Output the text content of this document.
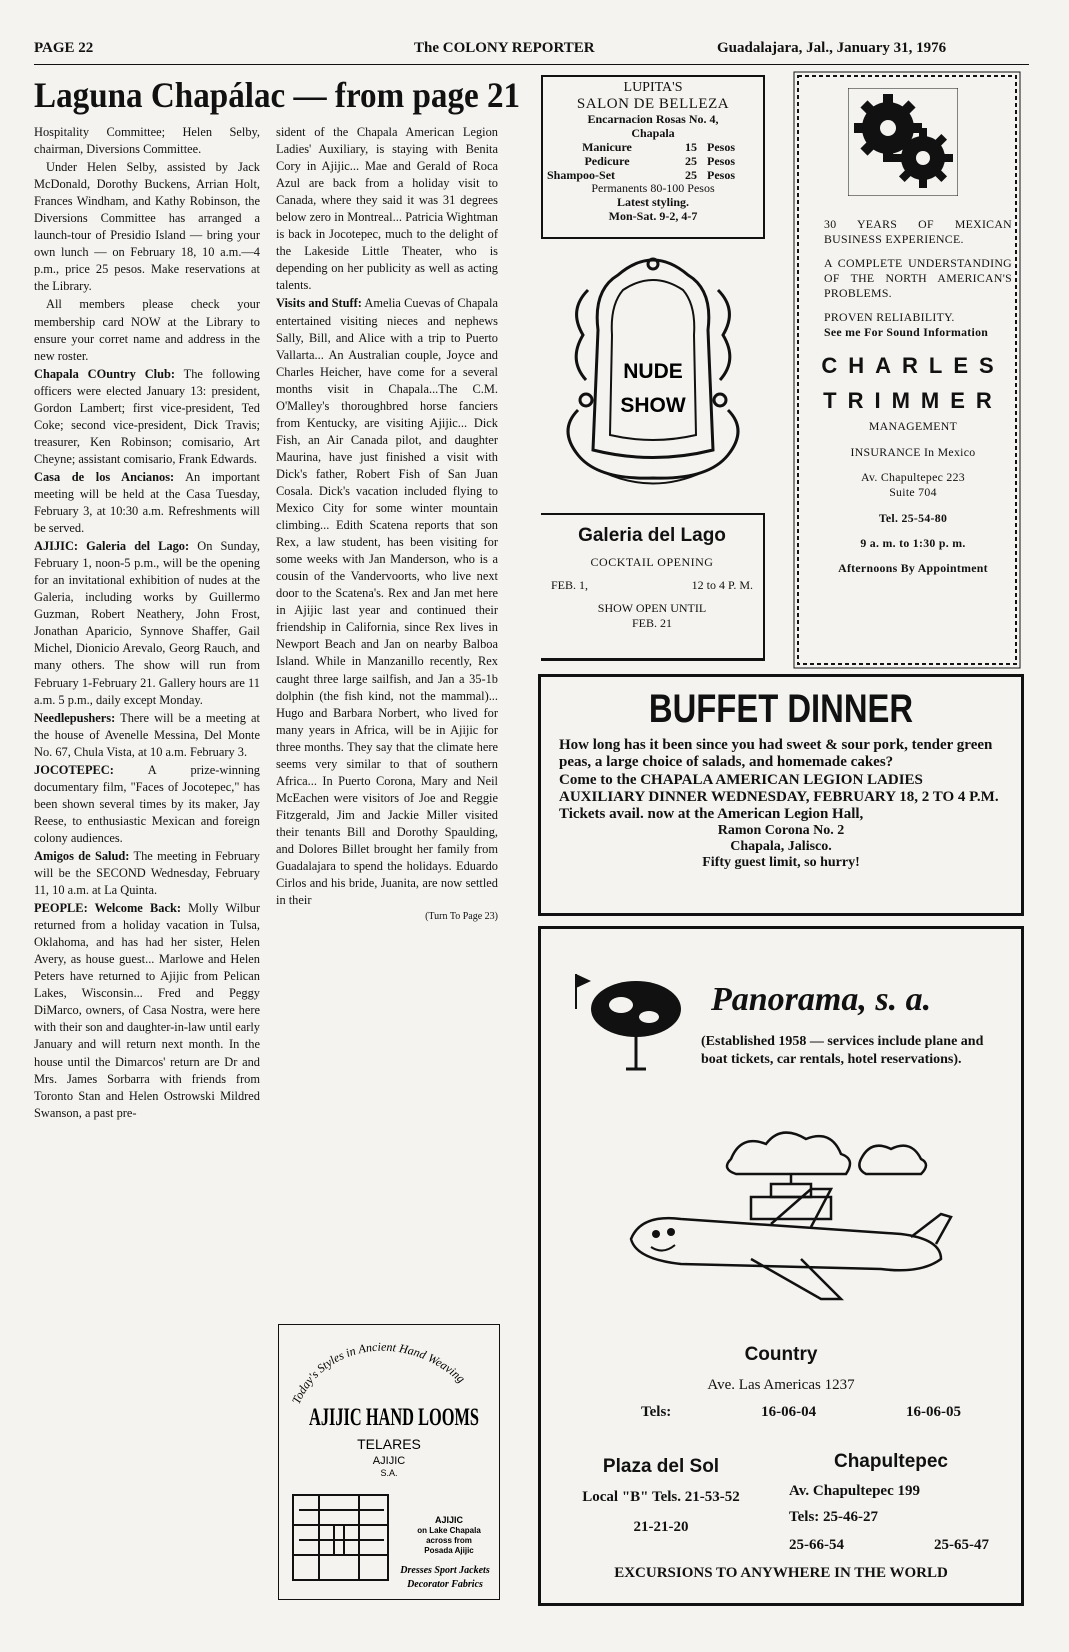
PAGE 22	The COLONY REPORTER	Guadalajara, Jal., January 31, 1976
Laguna Chapálac — from page 21

Hospitality Committee; Helen Selby, chairman, Diversions Committee.

Under Helen Selby, assisted by Jack McDonald, Dorothy Buckens, Arrian Holt, Frances Windham, and Kathy Robinson, the Diversions Committee has arranged a launch-tour of Presidio Island — bring your own lunch — on February 18, 10 a.m.—4 p.m., price 25 pesos. Make reservations at the Library.

All members please check your membership card NOW at the Library to ensure your corret name and address in the new roster.

Chapala COuntry Club: The following officers were elected January 13: president, Gordon Lambert; first vice-president, Ted Coke; second vice-president, Dick Travis; treasurer, Ken Robinson; comisario, Art Cheyne; assistant comisario, Frank Edwards.

Casa de los Ancianos: An important meeting will be held at the Casa Tuesday, February 3, at 10:30 a.m. Refreshments will be served.

AJIJIC: Galeria del Lago: On Sunday, February 1, noon-5 p.m., will be the opening for an invitational exhibition of nudes at the Galeria, including works by Guillermo Guzman, Robert Neathery, John Frost, Jonathan Aparicio, Synnove Shaffer, Gail Michel, Dionicio Arevalo, Georg Rauch, and many others. The show will run from February 1-February 21. Gallery hours are 11 a.m. 5 p.m., daily except Monday.

Needlepushers: There will be a meeting at the house of Avenelle Messina, Del Monte No. 67, Chula Vista, at 10 a.m. February 3.

JOCOTEPEC:	A prize-winning documentary film, "Faces of Jocotepec," has been shown several times by its maker, Jay Reese, to enthusiastic Mexican and foreign colony audiences.

Amigos de Salud: The meeting in February will be the SECOND Wednesday, February 11, 10 a.m. at La Quinta.

PEOPLE: Welcome Back: Molly Wilbur returned from a holiday vacation in Tulsa, Oklahoma, and has had her sister, Helen Avery, as house guest... Marlowe and Helen Peters have returned to Ajijic from Pelican Lakes, Wisconsin... Fred and Peggy DiMarco, owners, of Casa Nostra, were here with their son and daughter-in-law until early January and will return next month. In the house until the Dimarcos' return are Dr and Mrs. James Sorbarra with friends from Toronto Stan and Helen Ostrowski Mildred Swanson, a past pre-

sident of the Chapala American Legion Ladies' Auxiliary, is staying with Benita Cory in Ajijic... Mae and Gerald of Roca Azul are back from a holiday visit to Canada, where they said it was 31 degrees below zero in Montreal... Patricia Wightman is back in Jocotepec, much to the delight of the Lakeside Little Theater, who is depending on her publicity as well as acting talents.

Visits and Stuff: Amelia Cuevas of Chapala entertained visiting nieces and nephews Sally, Bill, and Alice with a trip to Puerto Vallarta... An Australian couple, Joyce and Charles Heicher, have come for a several months visit in Chapala...The C.M. O'Malley's thoroughbred horse fanciers from Kentucky, are visiting Ajijic... Dick Fish, an Air Canada pilot, and daughter Maurina, have just finished a visit with Dick's father, Robert Fish of San Juan Cosala. Dick's vacation included flying to Mexico City for some winter mountain climbing... Edith Scatena reports that son Rex, a law student, has been visiting for some weeks with Jan Manderson, who is a cousin of the Vandervoorts, who live next door to the Scatena's. Rex and Jan met here in Ajijic last year and continued their friendship in California, since Rex lives in Newport Beach and Jan on nearby Balboa Island. While in Manzanillo recently, Rex caught three large sailfish, and Jan a 35-1b dolphin (the fish kind, not the mammal)... Hugo and Barbara Norbert, who lived for many years in Africa, will be in Ajijic for three months. They say that the climate here seems very similar to that of southern Africa... In Puerto Corona, Mary and Neil McEachen were visitors of Joe and Reggie Fitzgerald, Jim and Jackie Miller visited their tenants Bill and Dorothy Spaulding, and Dolores Billet brought her family from Guadalajara to spend the holidays. Eduardo Cirlos and his bride, Juanita, are now settled in their

(Turn To Page 23)

Today's Styles in Ancient Hand Weaving
AJIJIC HAND LOOMS
TELARES
AJIJIC
S.A.
AJIJIC
on Lake Chapala
across from
Posada Ajijic
Dresses Sport Jackets
Decorator Fabrics
LUPITA'S
SALON DE BELLEZA
Encarnacion Rosas No. 4,
Chapala
Manicure	15 Pesos
Pedicure	25 Pesos
Shampoo-Set	25 Pesos
Permanents 80-100 Pesos
Latest styling.
Mon-Sat. 9-2, 4-7
NUDE
SHOW
Galeria del Lago
COCKTAIL OPENING
FEB. 1,	12 to 4 P. M.
SHOW OPEN UNTIL
FEB. 21
30 YEARS OF MEXICAN BUSINESS EXPERIENCE.
A COMPLETE UNDERSTANDING OF THE NORTH AMERICAN'S PROBLEMS.
PROVEN RELIABILITY.
See me For Sound Information
CHARLES
TRIMMER
MANAGEMENT
INSURANCE In Mexico
Av. Chapultepec 223
Suite 704
Tel. 25-54-80
9 a. m. to 1:30 p. m.
Afternoons By Appointment
BUFFET DINNER
How long has it been since you had sweet & sour pork, tender green peas, a large choice of salads, and homemade cakes?
Come to the CHAPALA AMERICAN LEGION LADIES AUXILIARY DINNER WEDNESDAY, FEBRUARY 18, 2 TO 4 P.M. Tickets avail. now at the American Legion Hall,
Ramon Corona No. 2
Chapala, Jalisco.
Fifty guest limit, so hurry!
Panorama, s. a.
(Established 1958 — services include plane and boat tickets, car rentals, hotel reservations).
Country
Ave. Las Americas 1237
Tels:	16-06-04	16-06-05
Plaza del Sol
Local "B" Tels. 21-53-52
21-21-20
Chapultepec
Av. Chapultepec 199
Tels: 25-46-27
25-66-54	25-65-47
EXCURSIONS TO ANYWHERE IN THE WORLD
